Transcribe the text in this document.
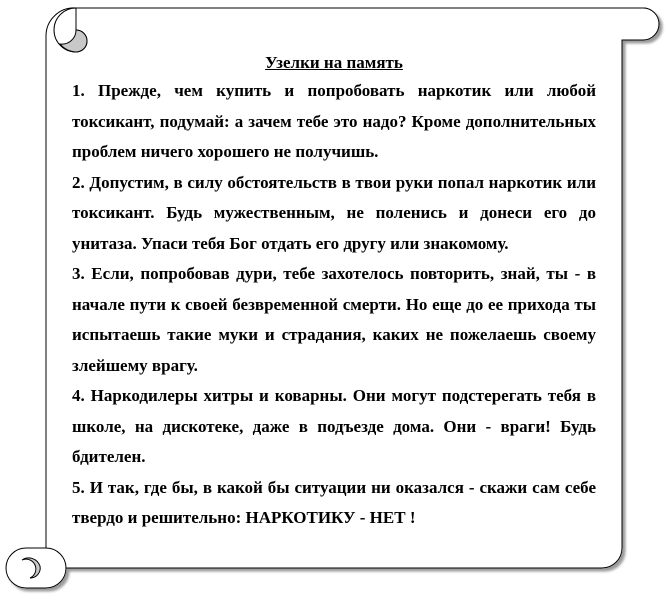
Узелки на память

1. Прежде, чем купить и попробовать наркотик или любой токсикант, подумай: а зачем тебе это надо? Кроме дополнительных проблем ничего хорошего не получишь.

2. Допустим, в силу обстоятельств в твои руки попал наркотик или токсикант. Будь мужественным, не поленись и донеси его до унитаза. Упаси тебя Бог отдать его другу или знакомому.

3. Если, попробовав дури, тебе захотелось повторить, знай, ты - в начале пути к своей безвременной смерти. Но еще до ее прихода ты испытаешь такие муки и страдания, каких не пожелаешь своему злейшему врагу.

4. Наркодилеры хитры и коварны. Они могут подстерегать тебя в школе, на дискотеке, даже в подъезде дома. Они - враги! Будь бдителен.

5. И так, где бы, в какой бы ситуации ни оказался - скажи сам себе твердо и решительно: НАРКОТИКУ - НЕТ !
